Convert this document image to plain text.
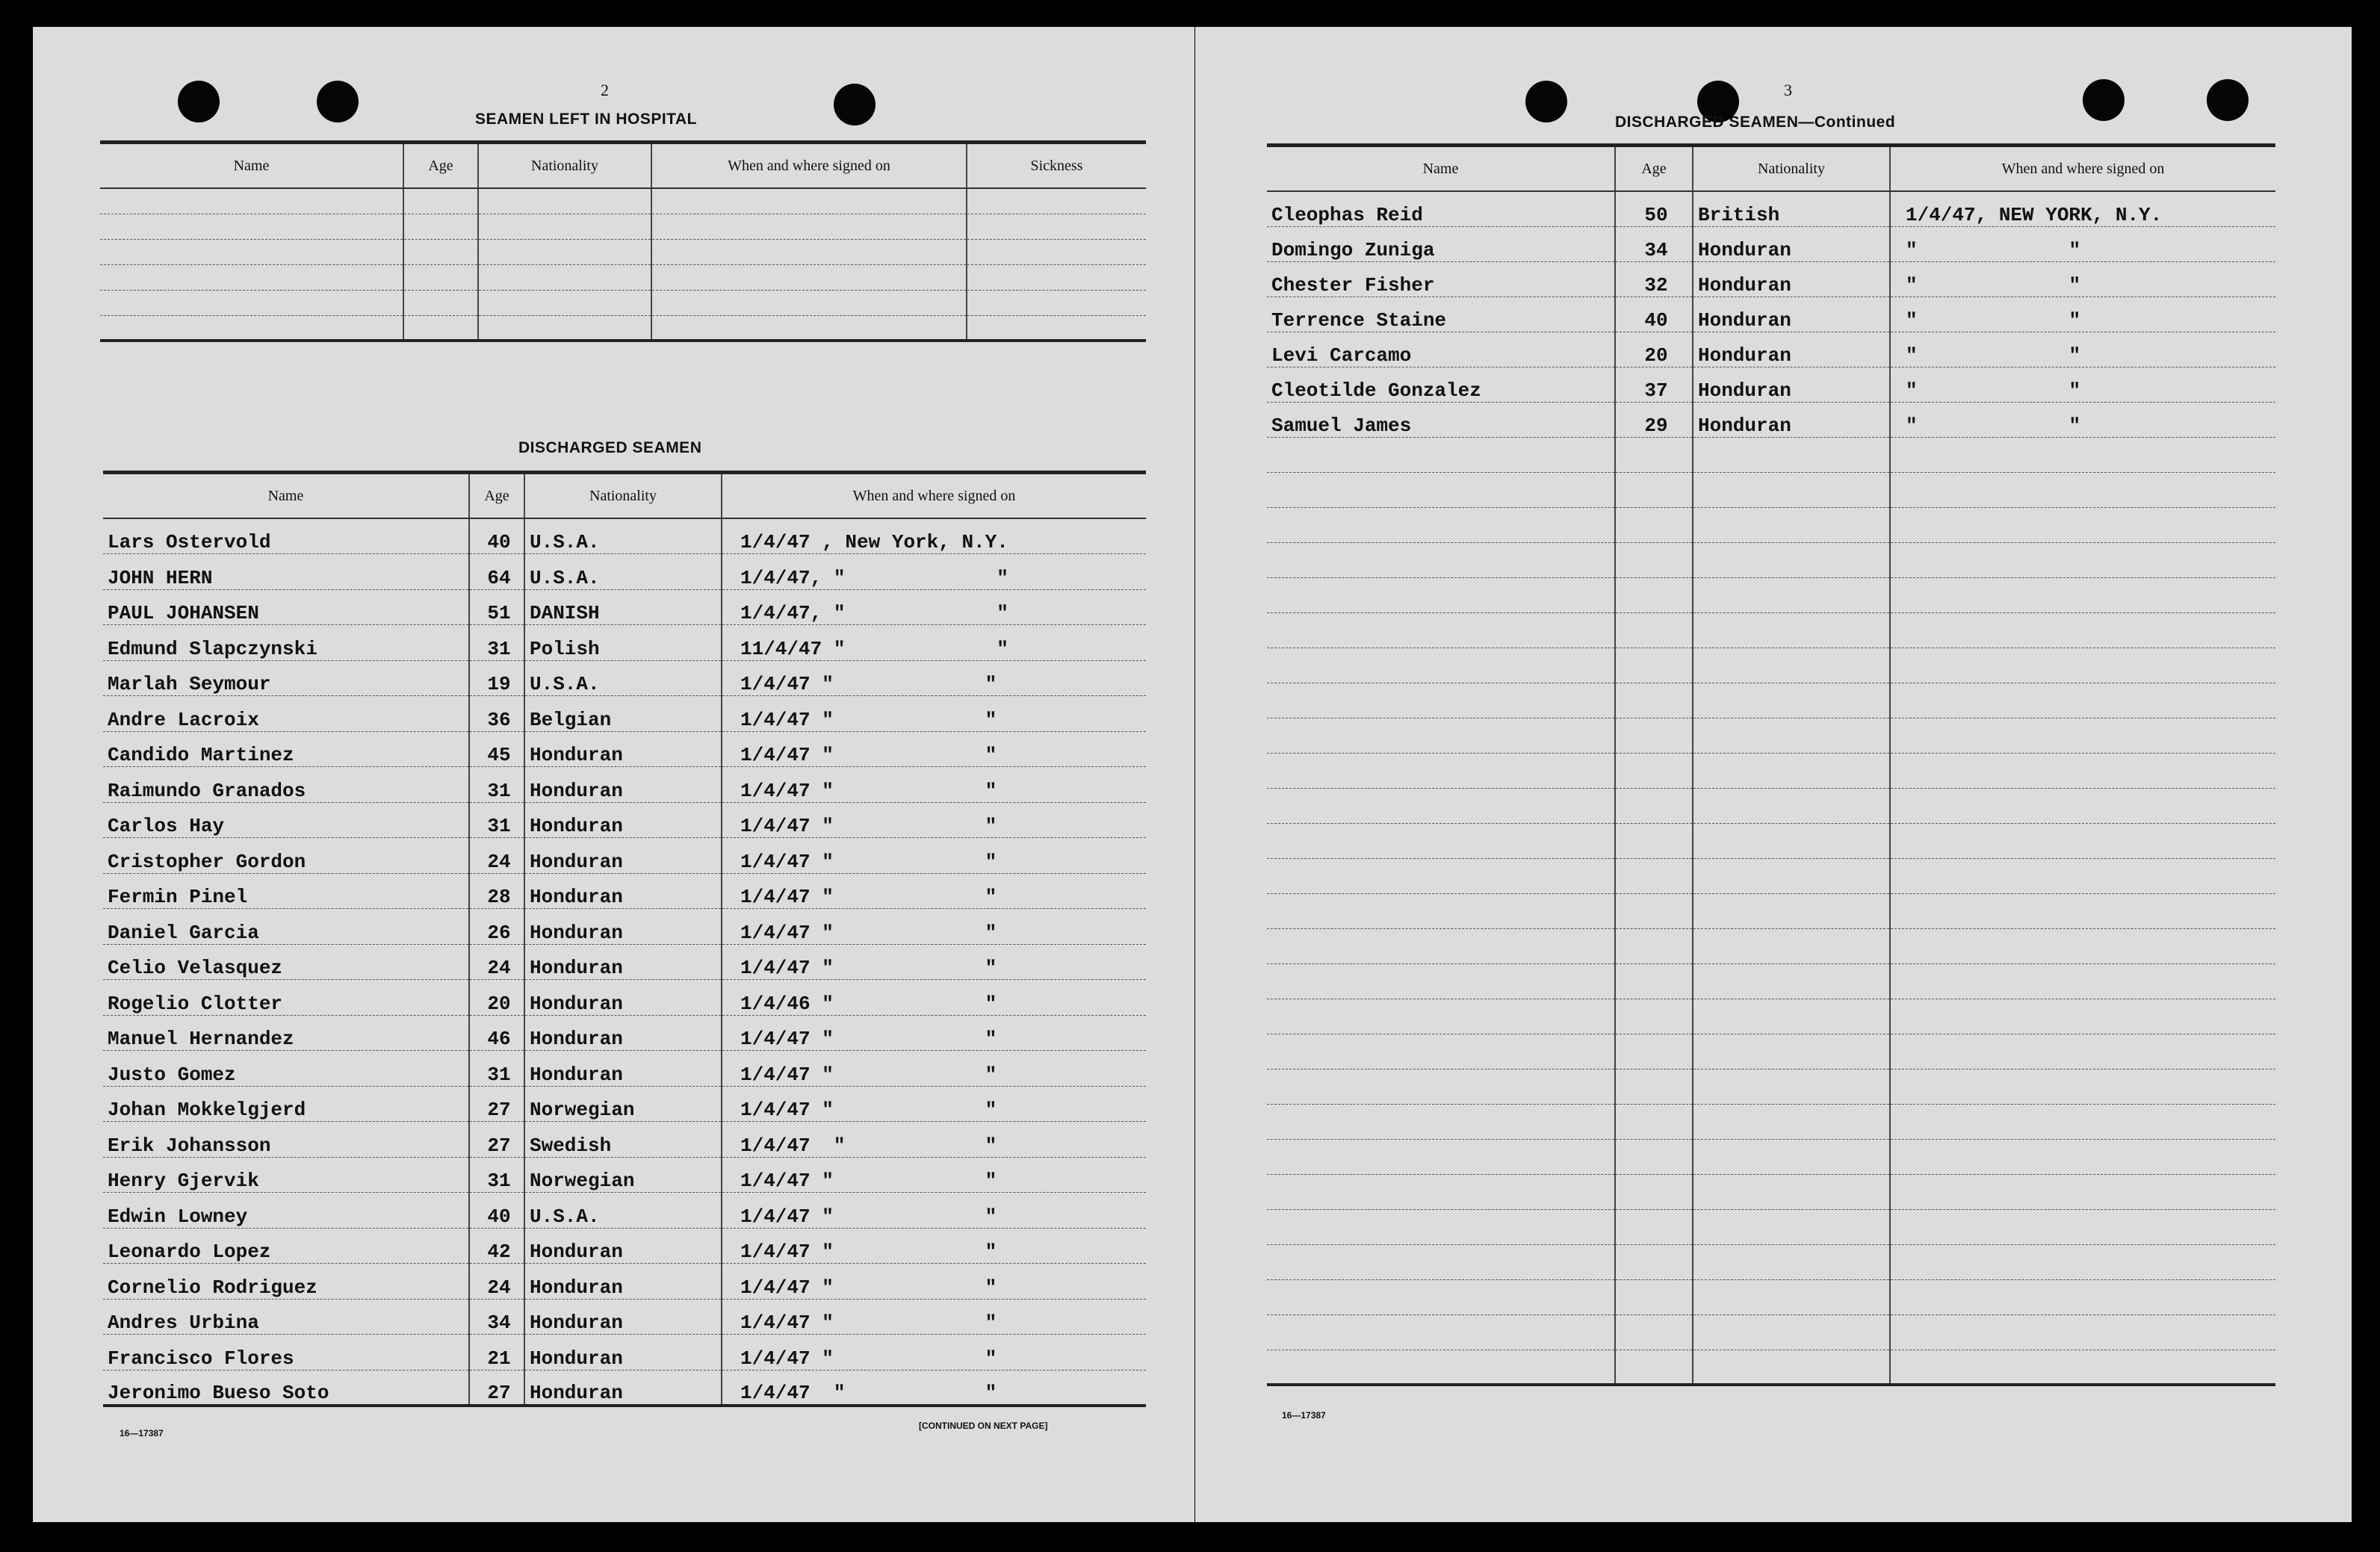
2
SEAMEN LEFT IN HOSPITAL
Name	Age	Nationality	When and where signed on	Sickness

DISCHARGED SEAMEN
Name	Age	Nationality	When and where signed on
Lars Ostervold	40	U.S.A.	1/4/47 , New York, N.Y.
JOHN HERN	64	U.S.A.	1/4/47, "             "
PAUL JOHANSEN	51	DANISH	1/4/47, "             "
Edmund Slapczynski	31	Polish	11/4/47 "             "
Marlah Seymour	19	U.S.A.	1/4/47 "             "
Andre Lacroix	36	Belgian	1/4/47 "             "
Candido Martinez	45	Honduran	1/4/47 "             "
Raimundo Granados	31	Honduran	1/4/47 "             "
Carlos Hay	31	Honduran	1/4/47 "             "
Cristopher Gordon	24	Honduran	1/4/47 "             "
Fermin Pinel	28	Honduran	1/4/47 "             "
Daniel Garcia	26	Honduran	1/4/47 "             "
Celio Velasquez	24	Honduran	1/4/47 "             "
Rogelio Clotter	20	Honduran	1/4/46 "             "
Manuel Hernandez	46	Honduran	1/4/47 "             "
Justo Gomez	31	Honduran	1/4/47 "             "
Johan Mokkelgjerd	27	Norwegian	1/4/47 "             "
Erik Johansson	27	Swedish	1/4/47  "            "
Henry Gjervik	31	Norwegian	1/4/47 "             "
Edwin Lowney	40	U.S.A.	1/4/47 "             "
Leonardo Lopez	42	Honduran	1/4/47 "             "
Cornelio Rodriguez	24	Honduran	1/4/47 "             "
Andres Urbina	34	Honduran	1/4/47 "             "
Francisco Flores	21	Honduran	1/4/47 "             "
Jeronimo Bueso Soto	27	Honduran	1/4/47  "            "
16—17387
[CONTINUED ON NEXT PAGE]
3
DISCHARGED SEAMEN—Continued
Name	Age	Nationality	When and where signed on
Cleophas Reid	50	British	1/4/47, NEW YORK, N.Y.
Domingo Zuniga	34	Honduran	"             "
Chester Fisher	32	Honduran	"             "
Terrence Staine	40	Honduran	"             "
Levi Carcamo	20	Honduran	"             "
Cleotilde Gonzalez	37	Honduran	"             "
Samuel James	29	Honduran	"             "

16—17387
